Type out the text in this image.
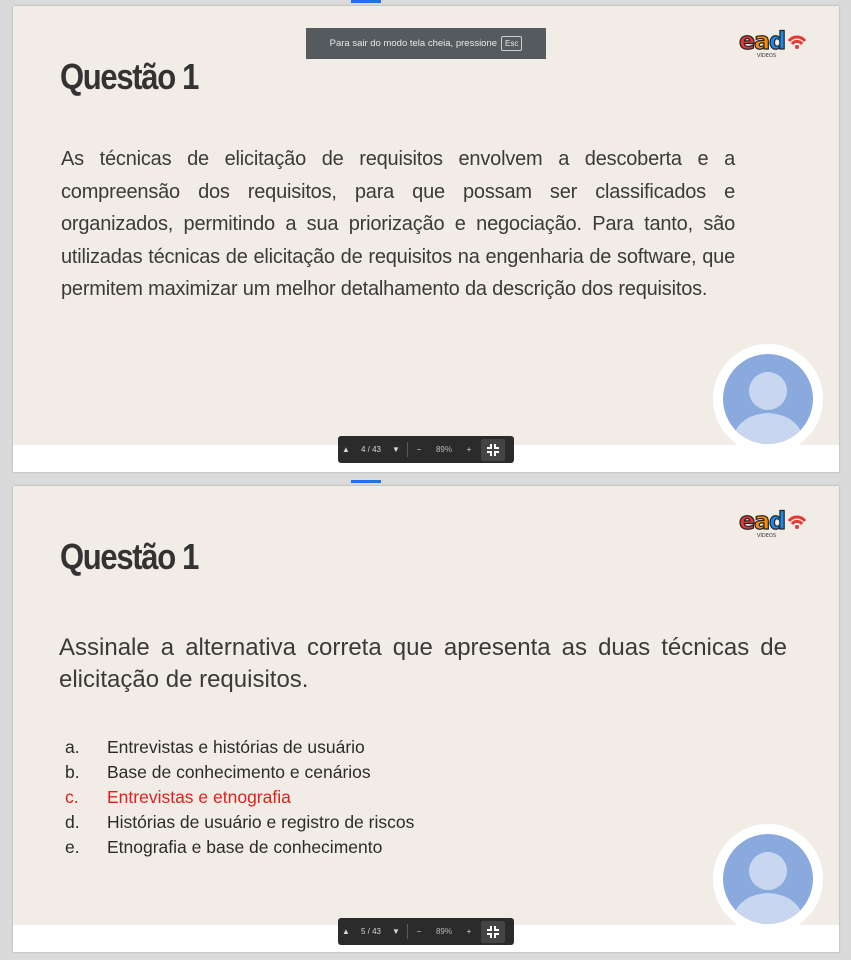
e
a
d
VÍDEOS
Questão 1

As técnicas de elicitação de requisitos envolvem a descoberta e a compreensão dos requisitos, para que possam ser classificados e organizados, permitindo a sua priorização e negociação. Para tanto, são utilizadas técnicas de elicitação de requisitos na engenharia de software, que permitem maximizar um melhor detalhamento da descrição dos requisitos.

Para sair do modo tela cheia, pressione	Esc
▲	4 / 43	▼	−	89%	+
e
a
d
VÍDEOS
Questão 1

Assinale a alternativa correta que apresenta as duas técnicas de elicitação de requisitos.

a.	Entrevistas e histórias de usuário
b.	Base de conhecimento e cenários
c.	Entrevistas e etnografia
d.	Histórias de usuário e registro de riscos
e.	Etnografia e base de conhecimento
▲	5 / 43	▼	−	89%	+
